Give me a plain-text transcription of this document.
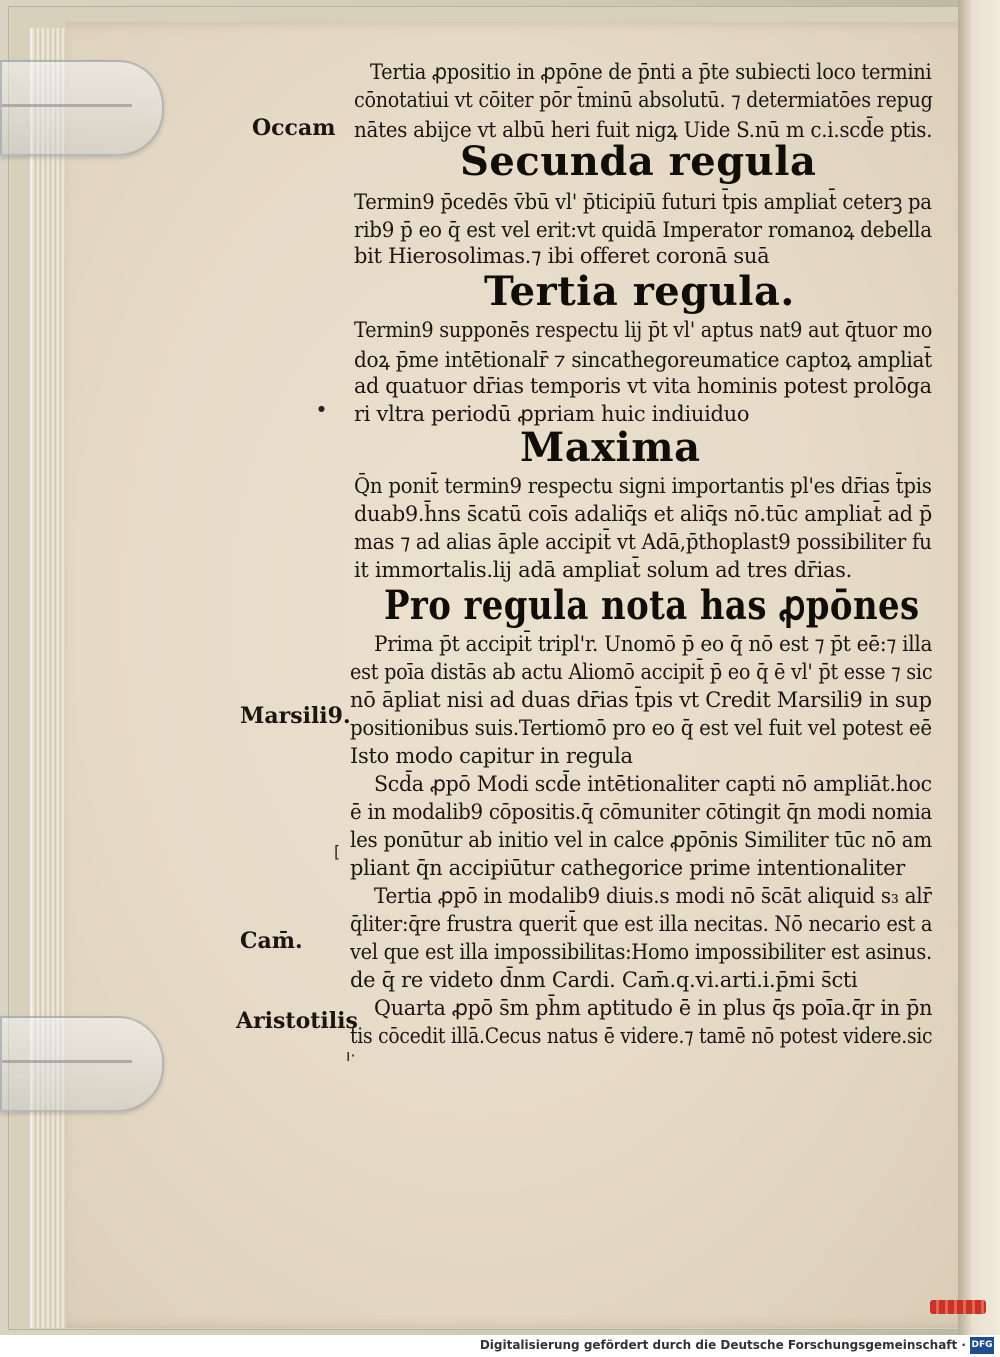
Tertia ꝓpositio in ꝓpōne de p̄nti a p̄te subiecti loco termini
cōnotatiui vt cōiter pōr t̄minū absolutū. ⁊ determiatōes repug
nātes abijce vt albū heri fuit nigꝝ Uide S.nū m c.i.scd̄e ptis.
Secunda regula
Termin9 p̄cedēs v̄bū vl' p̄ticipiū futuri t̄pis ampliat̄ ceterꝫ pa
rib9 p̄ eo q̄ est vel erit:vt quidā Imperator romanoꝝ debella
bit Hierosolimas.⁊ ibi offeret coronā suā
Tertia regula.
Termin9 supponēs respectu lij p̄t vl' aptus nat9 aut q̄tuor mo
doꝝ p̄me intētionalr̄ ⁊ sincathegoreumatice captoꝝ ampliat̄
ad quatuor dr̄ias temporis vt vita hominis potest prolōga
ri vltra periodū ꝓpriam huic indiuiduo
Maxima
Q̄n ponit̄ termin9 respectu signi importantis pl'es dr̄ias t̄pis
duab9.h̄ns s̄catū coīs adaliq̄s et aliq̄s nō.tūc ampliat̄ ad p̄
mas ⁊ ad alias āple accipit̄ vt Adā,p̄thoplast9 possibiliter fu
it immortalis.lij adā ampliat̄ solum ad tres dr̄ias.
Pro regula nota has ꝓpōnes
Prima p̄t accipit̄ tripl'r. Unomō p̄ eo q̄ nō est ⁊ p̄t eē:⁊ illa
est poīa distās ab actu Aliomō accipit̄ p̄ eo q̄ ē vl' p̄t esse ⁊ sic
nō āpliat nisi ad duas dr̄ias t̄pis vt Credit Marsili9 in sup
positionibus suis.Tertiomō pro eo q̄ est vel fuit vel potest eē
Isto modo capitur in regula
Scd̄a ꝓpō Modi scd̄e intētionaliter capti nō ampliāt.hoc
ē in modalib9 cōpositis.q̄ cōmuniter cōtingit q̄n modi nomia
les ponūtur ab initio vel in calce ꝓpōnis Similiter tūc nō am
pliant q̄n accipiūtur cathegorice prime intentionaliter
Tertia ꝓpō in modalib9 diuis.s modi nō s̄cāt aliquid s₃ alr̄
q̄liter:q̄re frustra querit̄ que est illa necitas. Nō necario est a
vel que est illa impossibilitas:Homo impossibiliter est asinus.
de q̄ re videto d̄nm Cardi. Cam̄.q.vi.arti.i.p̄mi s̄cti
Quarta ꝓpō s̄m ph̄m aptitudo ē in plus q̄s poīa.q̄r in p̄n
tis cōcedit illā.Cecus natus ē videre.⁊ tamē nō potest videre.sic
Occam
Marsili9.
Cam̄.
Aristotilis
[
ı·
●
Digitalisierung gefördert durch die Deutsche Forschungsgemeinschaft · DFG
